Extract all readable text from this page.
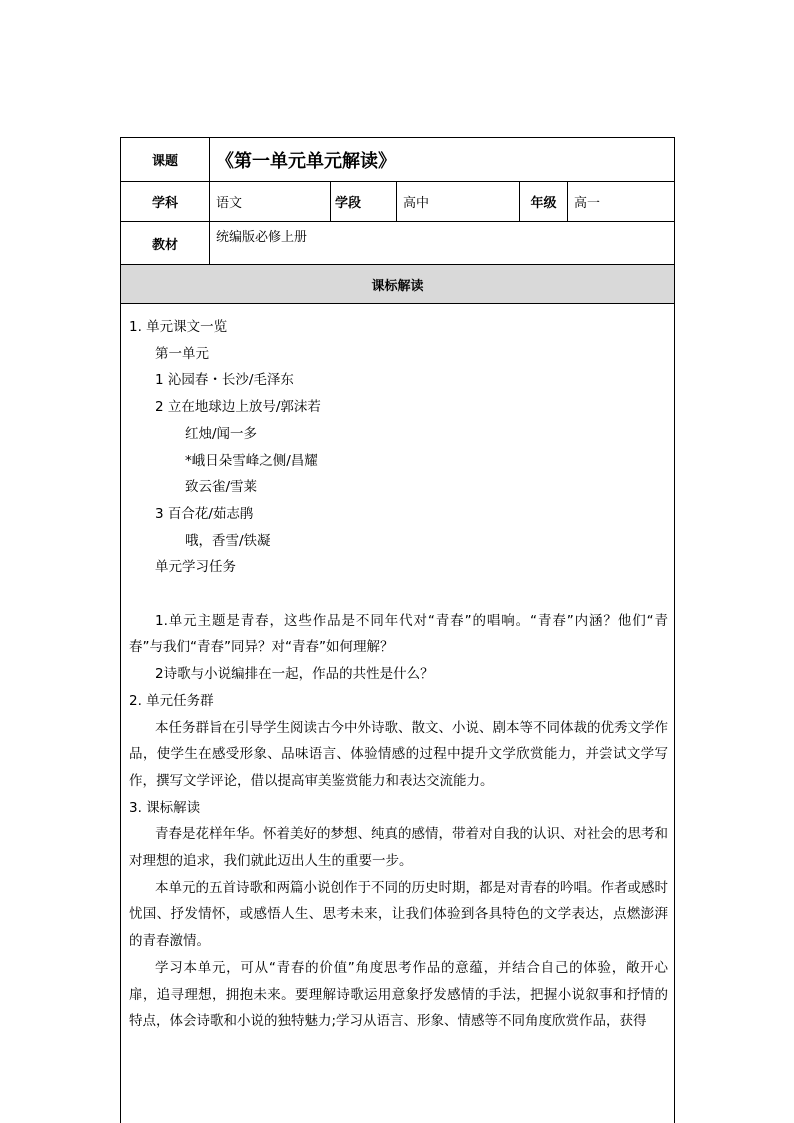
课题	《第一单元单元解读》
学科	语文	学段	高中	年级	高一
教材	统编版必修上册
课标解读
1. 单元课文一览
第一单元
1 沁园春・长沙/毛泽东
2 立在地球边上放号/郭沫若
红烛/闻一多
*峨日朵雪峰之侧/昌耀
致云雀/雪莱
3 百合花/茹志鹃
哦，香雪/铁凝
单元学习任务
1.单元主题是青春，这些作品是不同年代对“青春”的唱响。“青春”内涵？他们“青春”与我们“青春”同异？对“青春”如何理解？
2诗歌与小说编排在一起，作品的共性是什么？
2. 单元任务群
本任务群旨在引导学生阅读古今中外诗歌、散文、小说、剧本等不同体裁的优秀文学作品，使学生在感受形象、品味语言、体验情感的过程中提升文学欣赏能力，并尝试文学写作，撰写文学评论，借以提高审美鉴赏能力和表达交流能力。
3. 课标解读
青春是花样年华。怀着美好的梦想、纯真的感情，带着对自我的认识、对社会的思考和对理想的追求，我们就此迈出人生的重要一步。
本单元的五首诗歌和两篇小说创作于不同的历史时期，都是对青春的吟唱。作者或感时忧国、抒发情怀，或感悟人生、思考未来，让我们体验到各具特色的文学表达，点燃澎湃的青春激情。
学习本单元，可从“青春的价值”角度思考作品的意蕴，并结合自己的体验，敞开心扉，追寻理想，拥抱未来。要理解诗歌运用意象抒发感情的手法，把握小说叙事和抒情的特点，体会诗歌和小说的独特魅力;学习从语言、形象、情感等不同角度欣赏作品，获得
